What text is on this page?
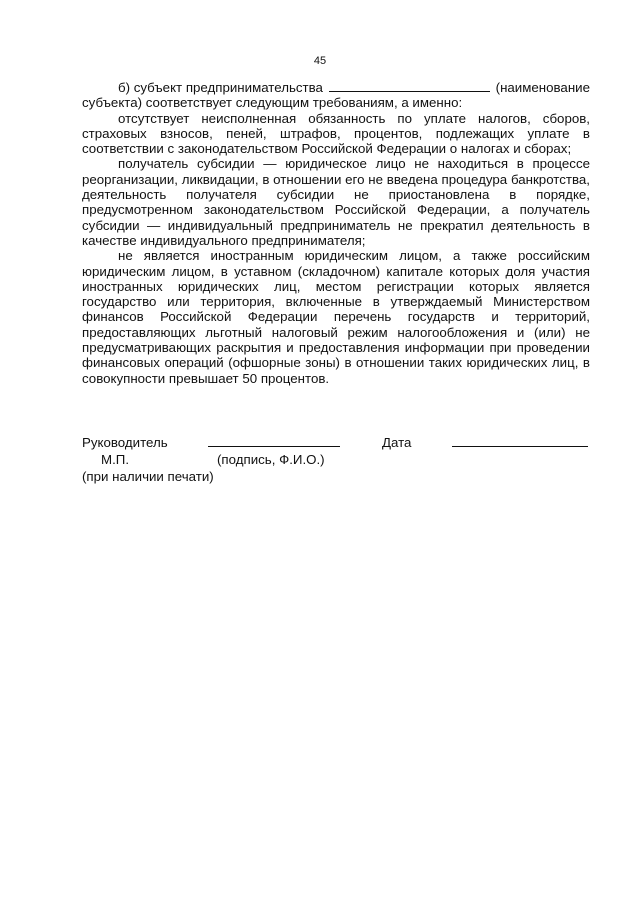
45
б) субъект предпринимательства	(наименование
субъекта) соответствует следующим требованиям, а именно:

отсутствует неисполненная обязанность по уплате налогов, сборов, страховых взносов, пеней, штрафов, процентов, подлежащих уплате в соответствии с законодательством Российской Федерации о налогах и сборах;

получатель субсидии — юридическое лицо не находиться в процессе реорганизации, ликвидации, в отношении его не введена процедура банкротства, деятельность получателя субсидии не приостановлена в порядке, предусмотренном законодательством Российской Федерации, а получатель субсидии — индивидуальный предприниматель не прекратил деятельность в качестве индивидуального предпринимателя;

не является иностранным юридическим лицом, а также российским юридическим лицом, в уставном (складочном) капитале которых доля участия иностранных юридических лиц, местом регистрации которых является государство или территория, включенные в утверждаемый Министерством финансов Российской Федерации перечень государств и территорий, предоставляющих льготный налоговый режим налогообложения и (или) не предусматривающих раскрытия и предоставления информации при проведении финансовых операций (офшорные зоны) в отношении таких юридических лиц, в совокупности превышает 50 процентов.

Руководитель	Дата
М.П.	(подпись, Ф.И.О.)
(при наличии печати)
